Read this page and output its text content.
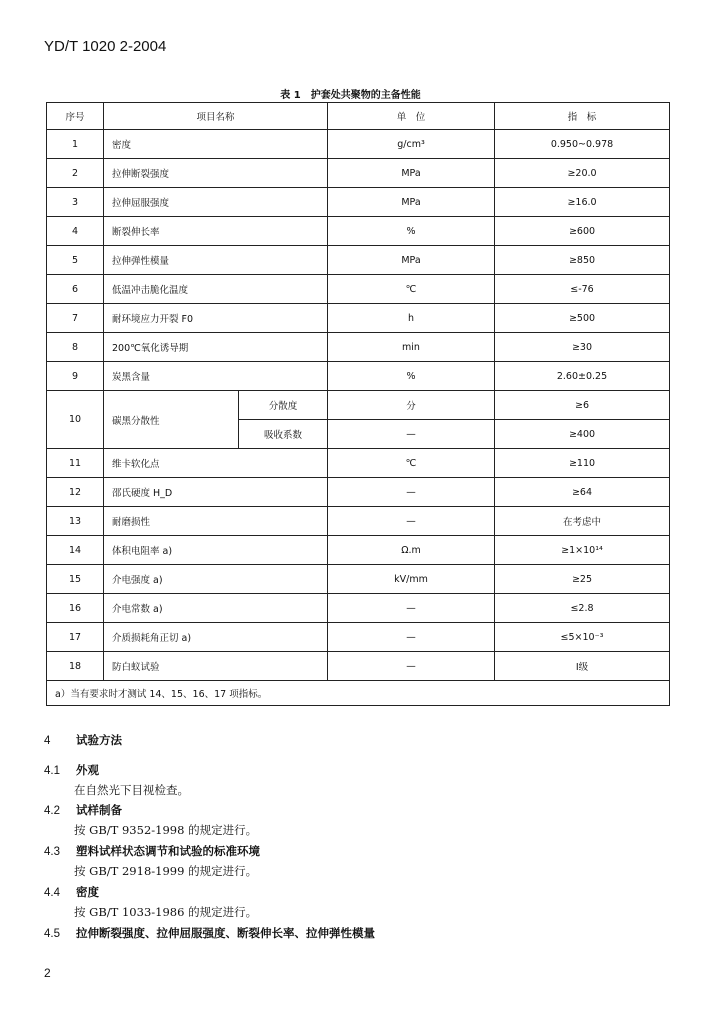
YD/T 1020 2-2004
表 1　护套处共聚物的主备性能
序号	项目名称		单　位	指　标
1	密度		g/cm³	0.950~0.978
2	拉伸断裂强度		MPa	≥20.0
3	拉伸屈服强度		MPa	≥16.0
4	断裂伸长率		%	≥600
5	拉伸弹性模量		MPa	≥850
6	低温冲击脆化温度		℃	≤-76
7	耐环境应力开裂 F0		h	≥500
8	200℃氧化诱导期		min	≥30
9	炭黑含量		%	2.60±0.25
10	碳黑分散性	分散度	分	≥6
		吸收系数	—	≥400
11	维卡软化点		℃	≥110
12	邵氏硬度 H_D		—	≥64
13	耐磨损性		—	在考虑中
14	体积电阻率 a)		Ω.m	≥1×10¹⁴
15	介电强度 a)		kV/mm	≥25
16	介电常数 a)		—	≤2.8
17	介质损耗角正切 a)		—	≤5×10⁻³
18	防白蚁试验		—	Ⅰ级
a）当有要求时才测试 14、15、16、17 项指标。				
4 试验方法
4.1 外观
在自然光下目视检查。
4.2 试样制备
按 GB/T 9352-1998 的规定进行。
4.3 塑料试样状态调节和试验的标准环境
按 GB/T 2918-1999 的规定进行。
4.4 密度
按 GB/T 1033-1986 的规定进行。
4.5 拉伸断裂强度、拉伸屈服强度、断裂伸长率、拉伸弹性模量
2
